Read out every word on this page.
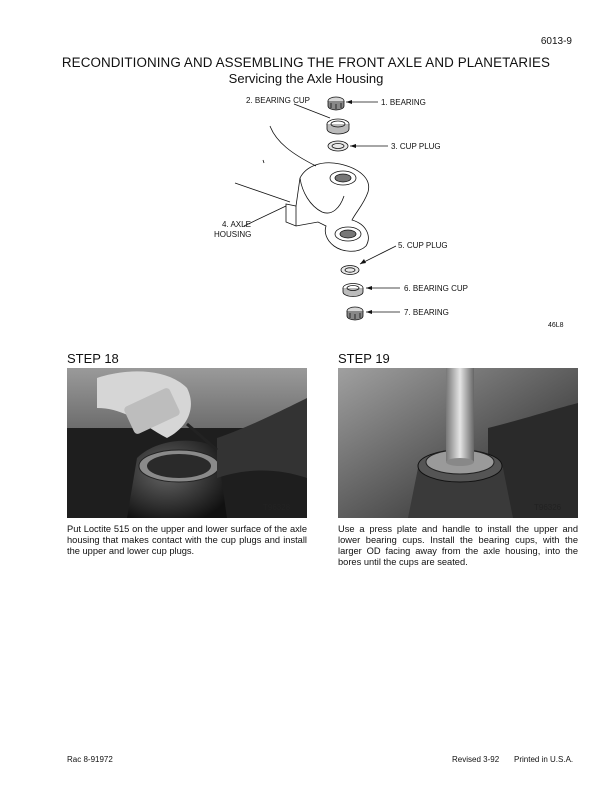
6013-9
RECONDITIONING AND ASSEMBLING THE FRONT AXLE AND PLANETARIES
Servicing the Axle Housing
2. BEARING CUP	1. BEARING
3. CUP PLUG
4. AXLE
HOUSING
5. CUP PLUG
6. BEARING CUP
7. BEARING
46L8
STEP 18
T96328
Put Loctite 515 on the upper and lower surface of the axle housing that makes contact with the cup plugs and install the upper and lower cup plugs.
STEP 19
T96326
Use a press plate and handle to install the upper and lower bearing cups. Install the bearing cups, with the larger OD facing away from the axle housing, into the bores until the cups are seated.
Rac 8-91972	Revised 3-92 Printed in U.S.A.
